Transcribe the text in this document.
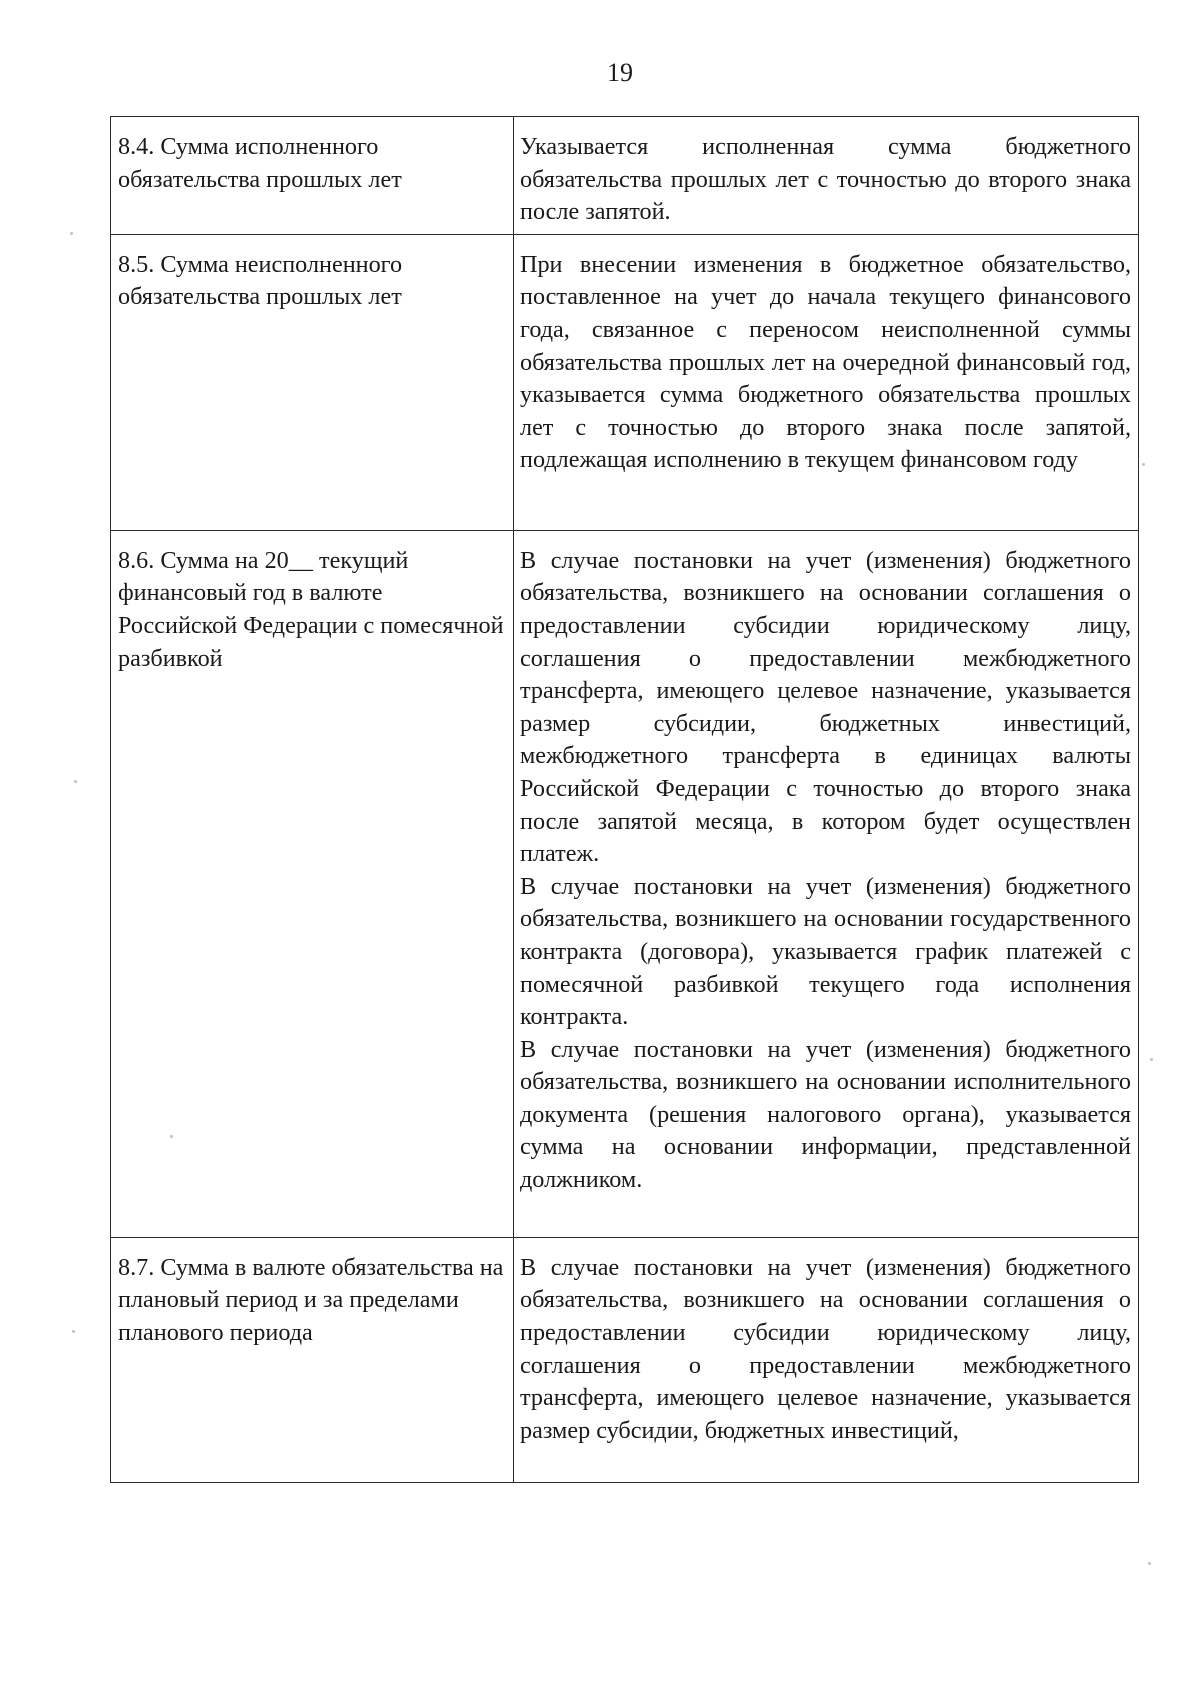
19
8.4. Сумма исполненного обязательства прошлых лет	Указывается исполненная сумма бюджетного обязательства прошлых лет с точностью до второго знака после запятой.

8.5. Сумма неисполненного обязательства прошлых лет	При внесении изменения в бюджетное обязательство, поставленное на учет до начала текущего финансового года, связанное с переносом неисполненной суммы обязательства прошлых лет на очередной финансовый год, указывается сумма бюджетного обязательства прошлых лет с точностью до второго знака после запятой, подлежащая исполнению в текущем финансовом году

8.6. Сумма на 20__ текущий финансовый год в валюте Российской Федерации с помесячной разбивкой	В случае постановки на учет (изменения) бюджетного обязательства, возникшего на основании соглашения о предоставлении субсидии юридическому лицу, соглашения о предоставлении межбюджетного трансферта, имеющего целевое назначение, указывается размер субсидии, бюджетных инвестиций, межбюджетного трансферта в единицах валюты Российской Федерации с точностью до второго знака после запятой месяца, в котором будет осуществлен платеж.
В случае постановки на учет (изменения) бюджетного обязательства, возникшего на основании государственного контракта (договора), указывается график платежей с помесячной разбивкой текущего года исполнения контракта.
В случае постановки на учет (изменения) бюджетного обязательства, возникшего на основании исполнительного документа (решения налогового органа), указывается сумма на основании информации, представленной должником.

8.7. Сумма в валюте обязательства на плановый период и за пределами планового периода	В случае постановки на учет (изменения) бюджетного обязательства, возникшего на основании соглашения о предоставлении субсидии юридическому лицу, соглашения о предоставлении межбюджетного трансферта, имеющего целевое назначение, указывается размер субсидии, бюджетных инвестиций,
